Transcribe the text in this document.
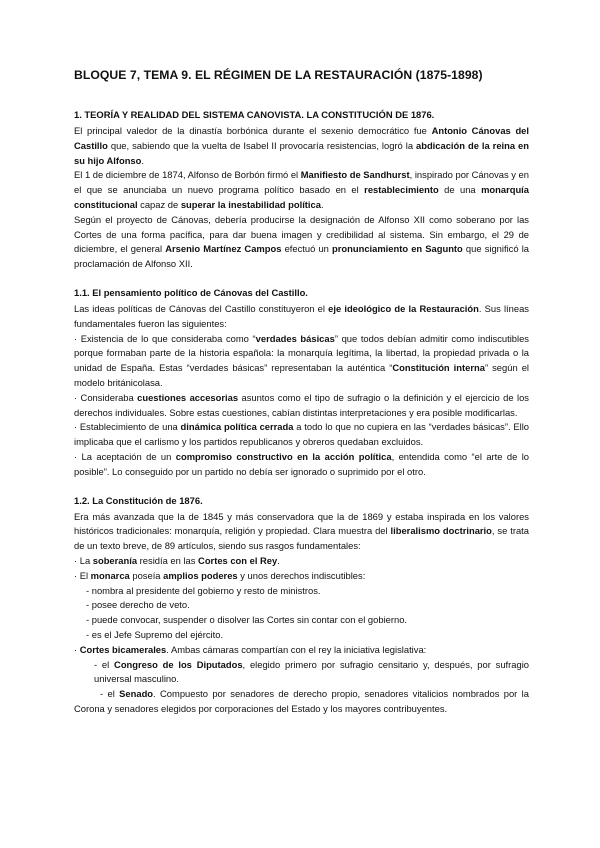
BLOQUE 7, TEMA 9. EL RÉGIMEN DE LA RESTAURACIÓN (1875-1898)
1. TEORÍA Y REALIDAD DEL SISTEMA CANOVISTA. LA CONSTITUCIÓN DE 1876.

El principal valedor de la dinastía borbónica durante el sexenio democrático fue Antonio Cánovas del Castillo que, sabiendo que la vuelta de Isabel II provocaría resistencias, logró la abdicación de la reina en su hijo Alfonso.

El 1 de diciembre de 1874, Alfonso de Borbón firmó el Manifiesto de Sandhurst, inspirado por Cánovas y en el que se anunciaba un nuevo programa político basado en el restablecimiento de una monarquía constitucional capaz de superar la inestabilidad política.

Según el proyecto de Cánovas, debería producirse la designación de Alfonso XII como soberano por las Cortes de una forma pacífica, para dar buena imagen y credibilidad al sistema. Sin embargo, el 29 de diciembre, el general Arsenio Martínez Campos efectuó un pronunciamiento en Sagunto que significó la proclamación de Alfonso XII.

1.1. El pensamiento político de Cánovas del Castillo.

Las ideas políticas de Cánovas del Castillo constituyeron el eje ideológico de la Restauración. Sus líneas fundamentales fueron las siguientes:

· Existencia de lo que consideraba como “verdades básicas” que todos debían admitir como indiscutibles porque formaban parte de la historia española: la monarquía legítima, la libertad, la propiedad privada o la unidad de España. Estas “verdades básicas” representaban la auténtica “Constitución interna” según el modelo británicolasa.

· Consideraba cuestiones accesorias asuntos como el tipo de sufragio o la definición y el ejercicio de los derechos individuales. Sobre estas cuestiones, cabían distintas interpretaciones y era posible modificarlas.

· Establecimiento de una dinámica política cerrada a todo lo que no cupiera en las “verdades básicas”. Ello implicaba que el carlismo y los partidos republicanos y obreros quedaban excluidos.

· La aceptación de un compromiso constructivo en la acción política, entendida como “el arte de lo posible”. Lo conseguido por un partido no debía ser ignorado o suprimido por el otro.

1.2. La Constitución de 1876.

Era más avanzada que la de 1845 y más conservadora que la de 1869 y estaba inspirada en los valores históricos tradicionales: monarquía, religión y propiedad. Clara muestra del liberalismo doctrinario, se trata de un texto breve, de 89 artículos, siendo sus rasgos fundamentales:

· La soberanía residía en las Cortes con el Rey.

· El monarca poseía amplios poderes y unos derechos indiscutibles:

- nombra al presidente del gobierno y resto de ministros.

- posee derecho de veto.

- puede convocar, suspender o disolver las Cortes sin contar con el gobierno.

- es el Jefe Supremo del ejército.

· Cortes bicamerales. Ambas cámaras compartían con el rey la iniciativa legislativa:

- el Congreso de los Diputados, elegido primero por sufragio censitario y, después, por sufragio universal masculino.

- el Senado. Compuesto por senadores de derecho propio, senadores vitalicios nombrados por la Corona y senadores elegidos por corporaciones del Estado y los mayores contribuyentes.
